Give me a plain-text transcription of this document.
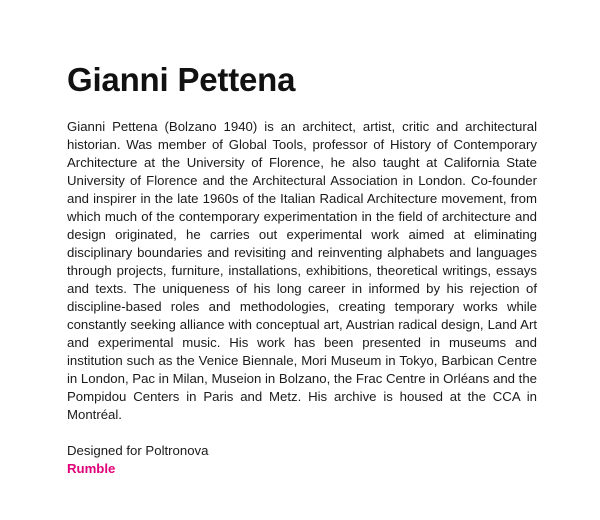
Gianni Pettena

Gianni Pettena (Bolzano 1940) is an architect, artist, critic and architectural historian. Was member of Global Tools, professor of History of Contemporary Architecture at the University of Florence, he also taught at California State University of Florence and the Architectural Association in London. Co-founder and inspirer in the late 1960s of the Italian Radical Architecture movement, from which much of the contemporary experimentation in the field of architecture and design originated, he carries out experimental work aimed at eliminating disciplinary boundaries and revisiting and reinventing alphabets and languages through projects, furniture, installations, exhibitions, theoretical writings, essays and texts. The uniqueness of his long career in informed by his rejection of discipline-based roles and methodologies, creating temporary works while constantly seeking alliance with conceptual art, Austrian radical design, Land Art and experimental music. His work has been presented in museums and institution such as the Venice Biennale, Mori Museum in Tokyo, Barbican Centre in London, Pac in Milan, Museion in Bolzano, the Frac Centre in Orléans and the Pompidou Centers in Paris and Metz. His archive is housed at the CCA in Montréal.

Designed for Poltronova
Rumble
